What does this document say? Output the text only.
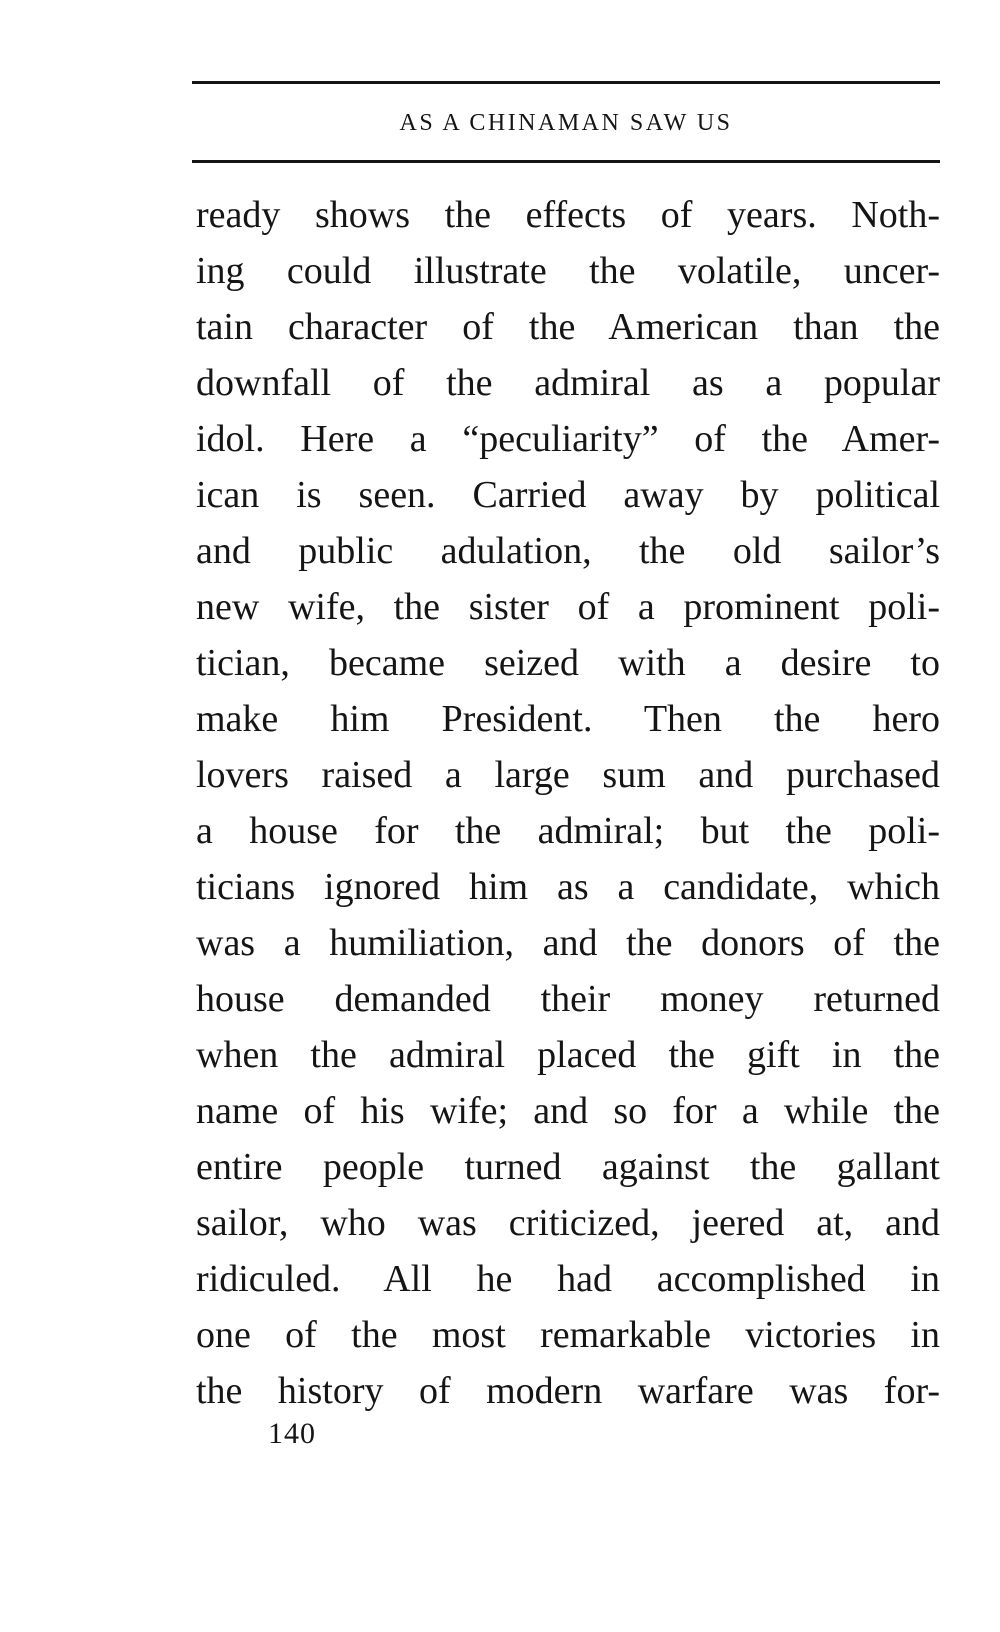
AS A CHINAMAN SAW US
ready shows the effects of years. Noth-
ing could illustrate the volatile, uncer-
tain character of the American than the
downfall of the admiral as a popular
idol. Here a “peculiarity” of the Amer-
ican is seen. Carried away by political
and public adulation, the old sailor’s
new wife, the sister of a prominent poli-
tician, became seized with a desire to
make him President. Then the hero
lovers raised a large sum and purchased
a house for the admiral; but the poli-
ticians ignored him as a candidate, which
was a humiliation, and the donors of the
house demanded their money returned
when the admiral placed the gift in the
name of his wife; and so for a while the
entire people turned against the gallant
sailor, who was criticized, jeered at, and
ridiculed. All he had accomplished in
one of the most remarkable victories in
the history of modern warfare was for-
140
